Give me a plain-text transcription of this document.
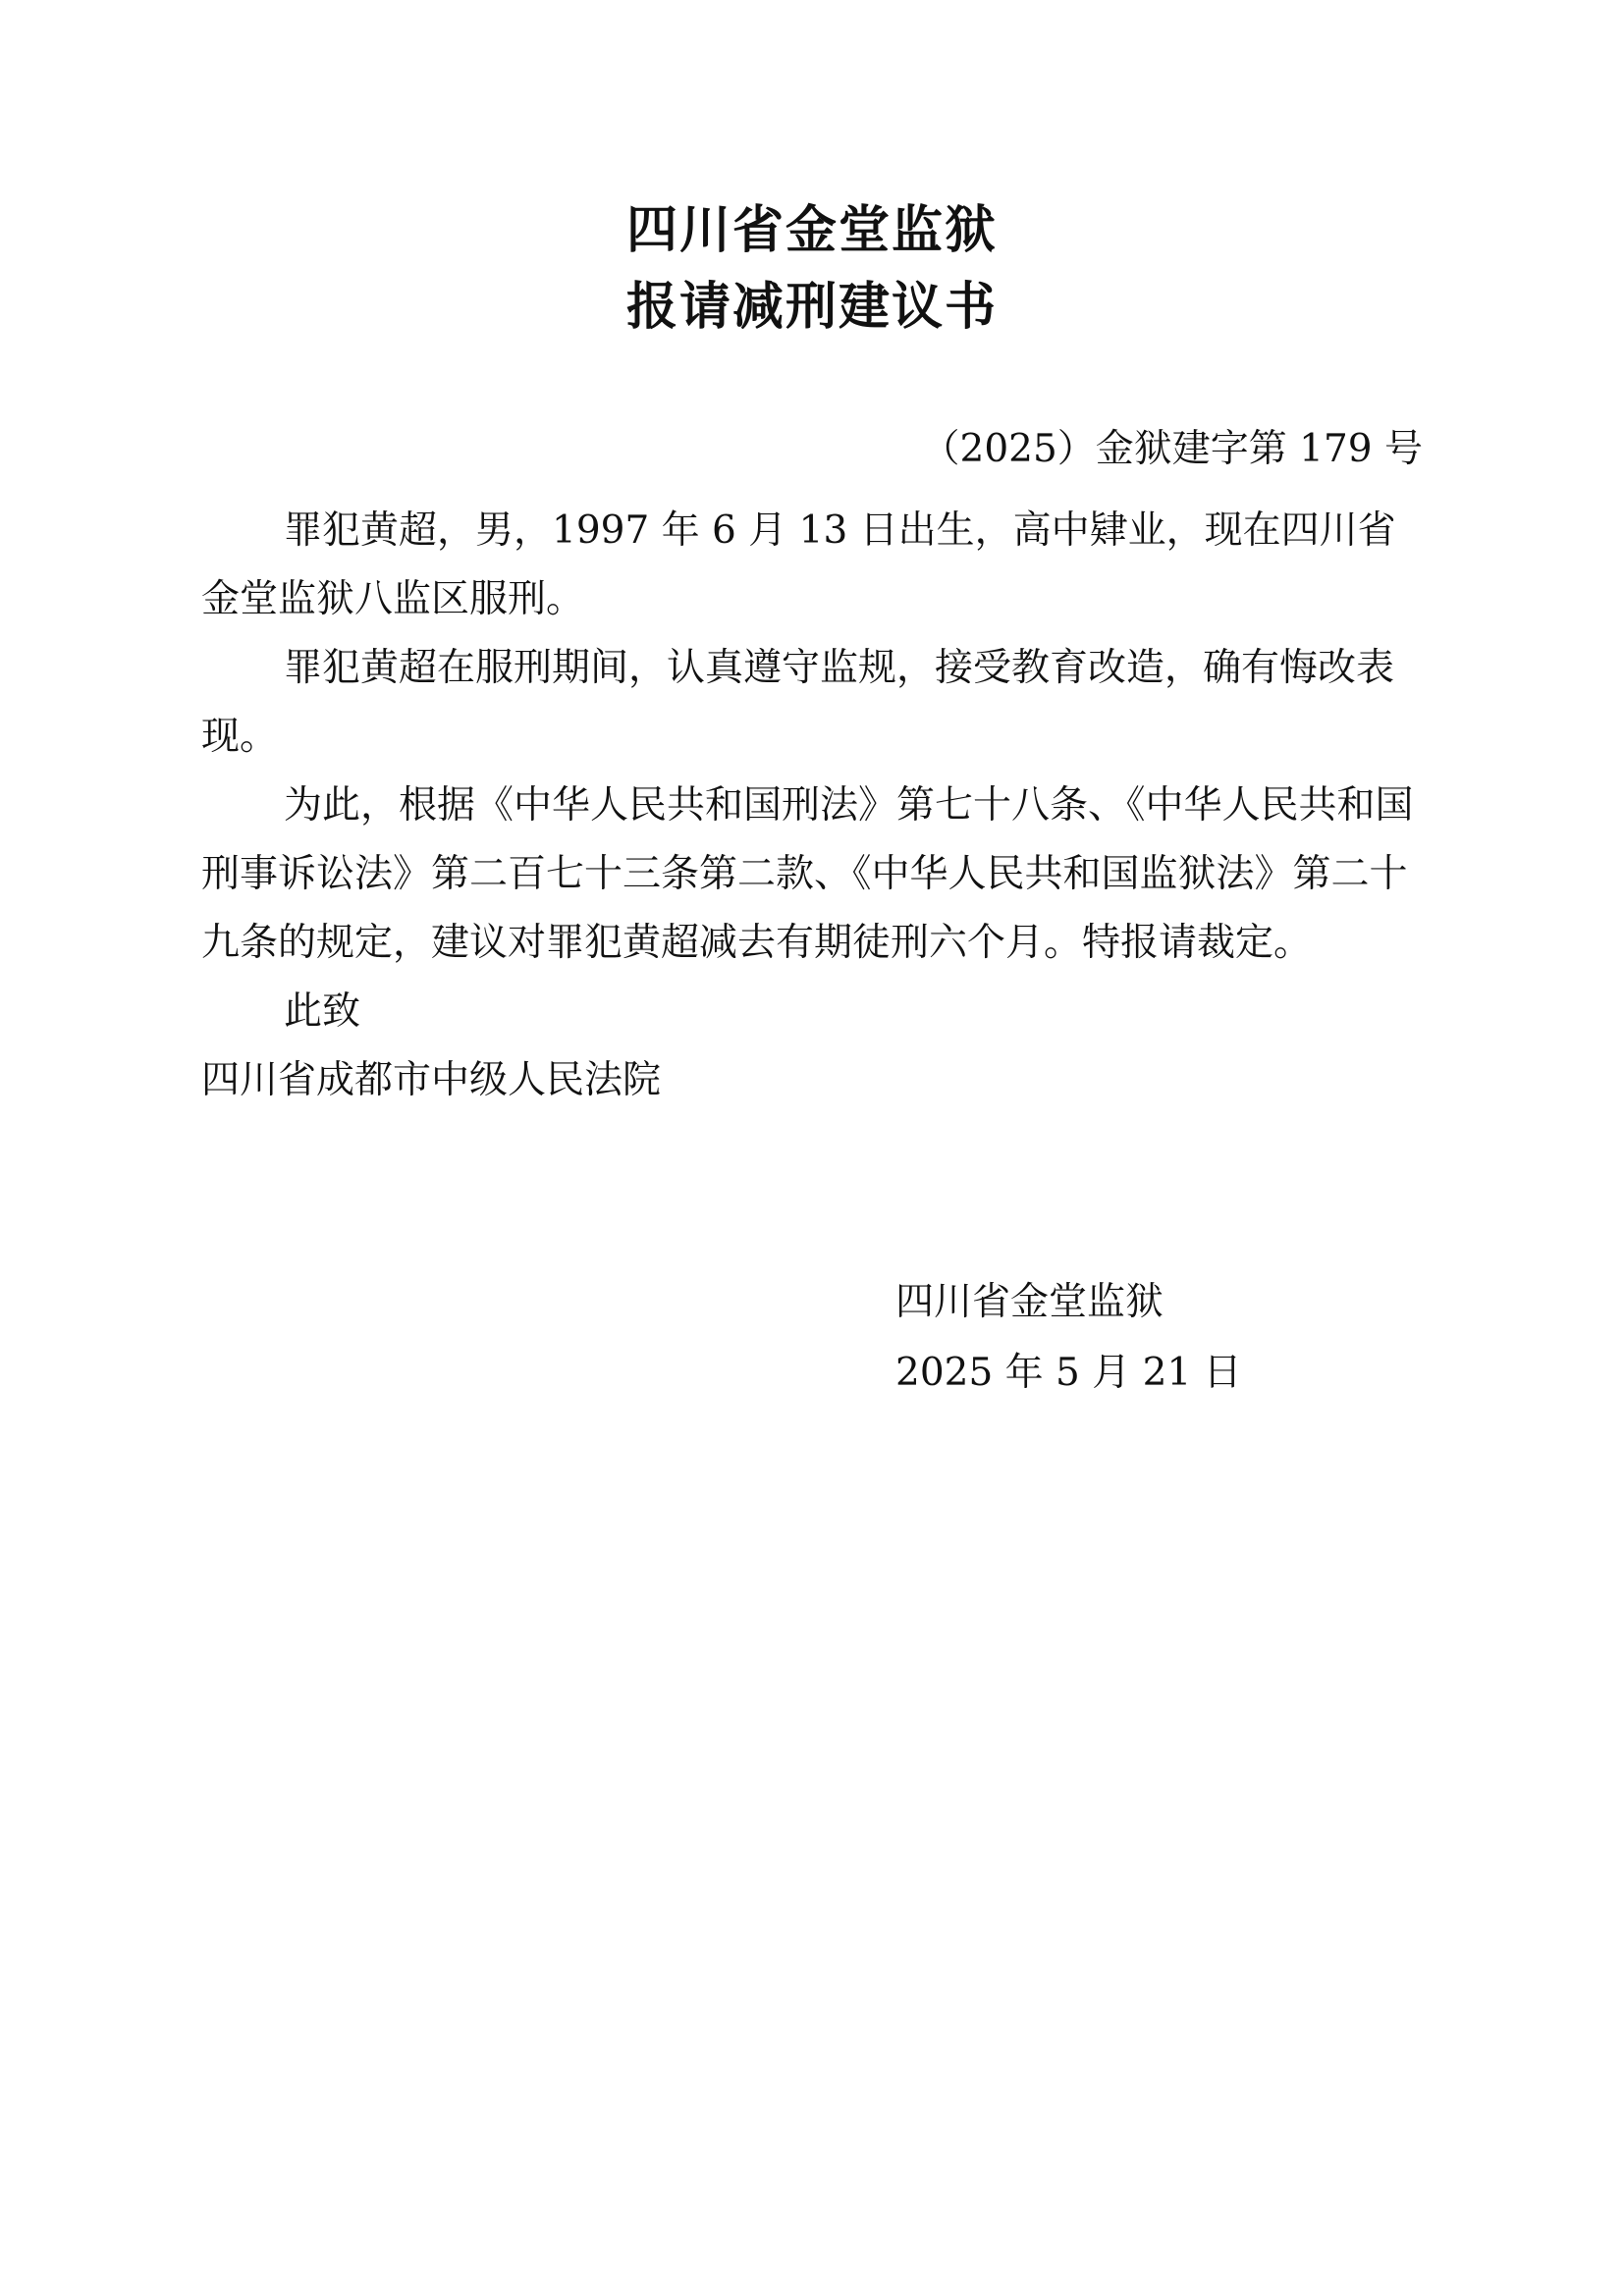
四川省金堂监狱
报请减刑建议书
（2025）金狱建字第 179 号

罪犯黄超，男，1997 年 6 月 13 日出生，高中肄业，现在四川省金堂监狱八监区服刑。

罪犯黄超在服刑期间，认真遵守监规，接受教育改造，确有悔改表现。

为此，根据《中华人民共和国刑法》第七十八条、《中华人民共和国刑事诉讼法》第二百七十三条第二款、《中华人民共和国监狱法》第二十九条的规定，建议对罪犯黄超减去有期徒刑六个月。特报请裁定。

此致

四川省成都市中级人民法院

四川省金堂监狱
2025 年 5 月 21 日
